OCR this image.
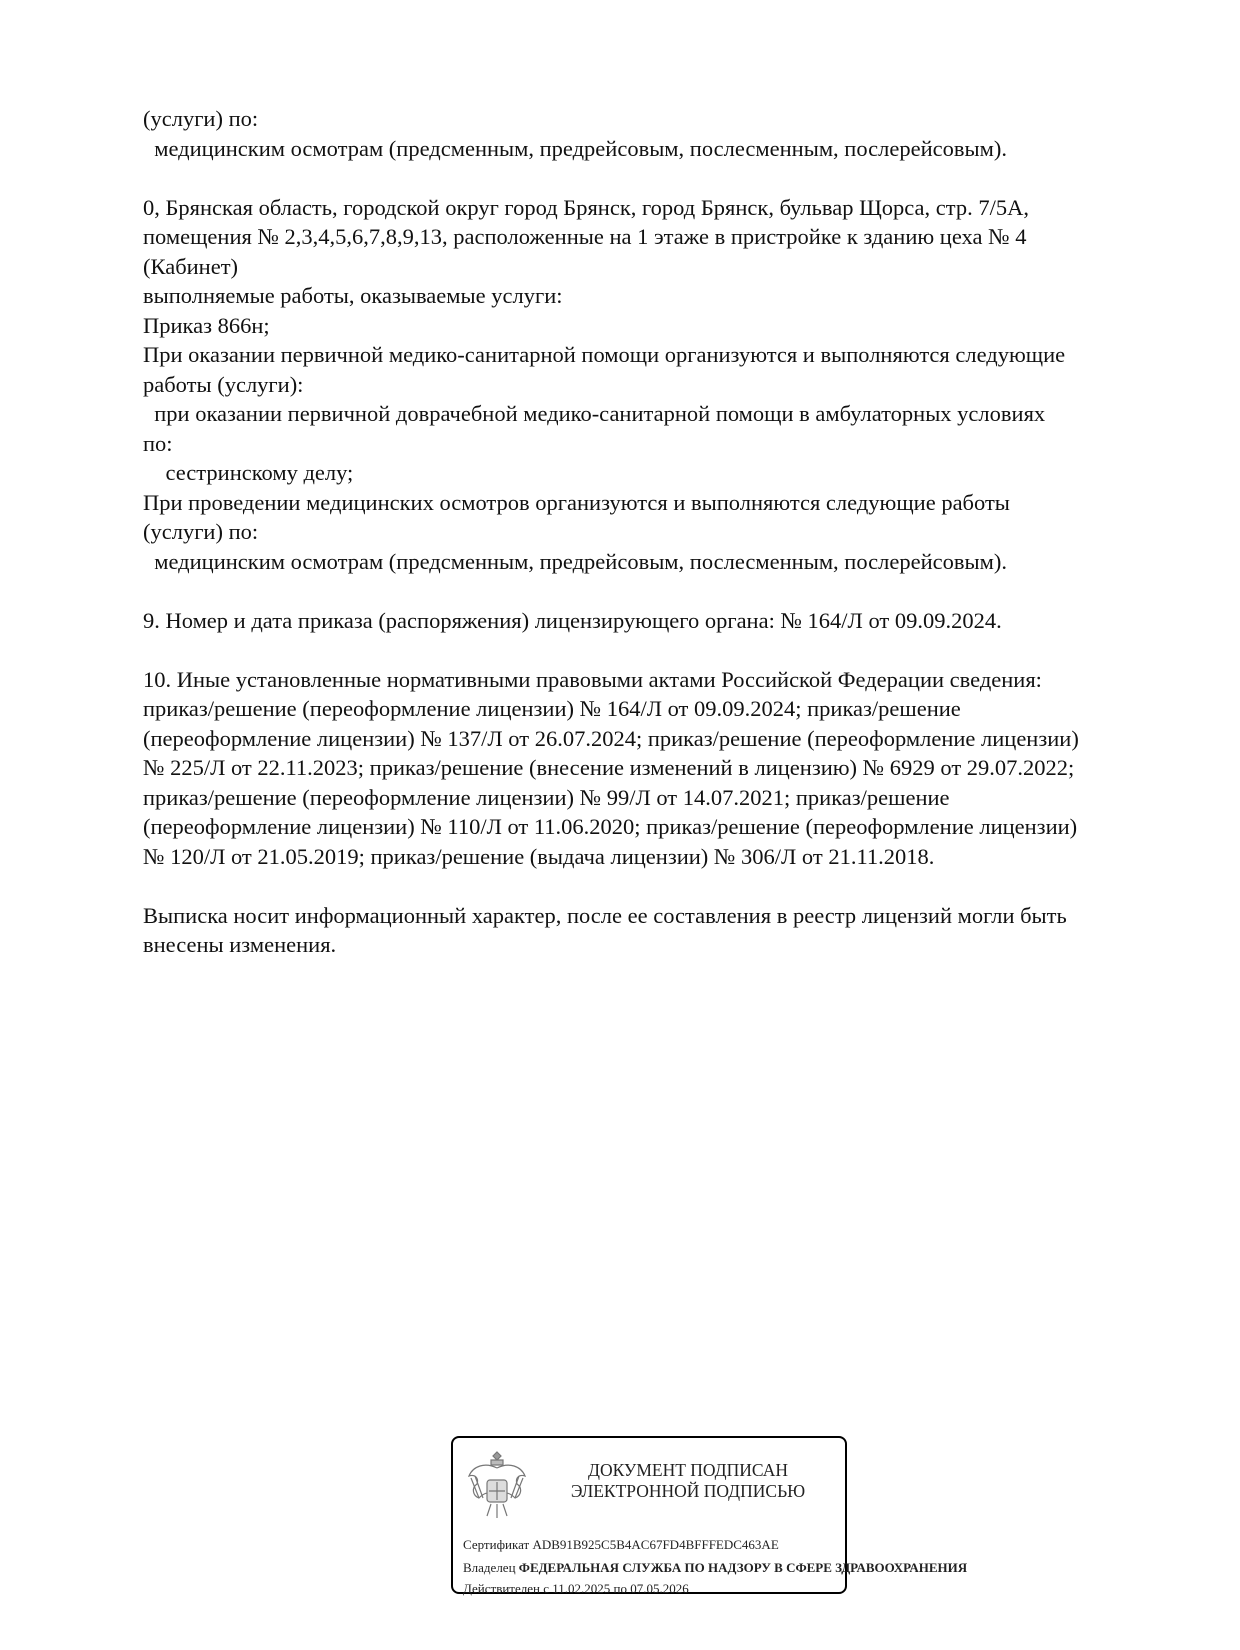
(услуги) по:
медицинским осмотрам (предсменным, предрейсовым, послесменным, послерейсовым).
0, Брянская область, городской округ город Брянск, город Брянск, бульвар Щорса, стр. 7/5А,
помещения № 2,3,4,5,6,7,8,9,13, расположенные на 1 этаже в пристройке к зданию цеха № 4
(Кабинет)
выполняемые работы, оказываемые услуги:
Приказ 866н;
При оказании первичной медико-санитарной помощи организуются и выполняются следующие
работы (услуги):
при оказании первичной доврачебной медико-санитарной помощи в амбулаторных условиях
по:
сестринскому делу;
При проведении медицинских осмотров организуются и выполняются следующие работы
(услуги) по:
медицинским осмотрам (предсменным, предрейсовым, послесменным, послерейсовым).
9. Номер и дата приказа (распоряжения) лицензирующего органа: № 164/Л от 09.09.2024.
10. Иные установленные нормативными правовыми актами Российской Федерации сведения:
приказ/решение (переоформление лицензии) № 164/Л от 09.09.2024; приказ/решение
(переоформление лицензии) № 137/Л от 26.07.2024; приказ/решение (переоформление лицензии)
№ 225/Л от 22.11.2023; приказ/решение (внесение изменений в лицензию) № 6929 от 29.07.2022;
приказ/решение (переоформление лицензии) № 99/Л от 14.07.2021; приказ/решение
(переоформление лицензии) № 110/Л от 11.06.2020; приказ/решение (переоформление лицензии)
№ 120/Л от 21.05.2019; приказ/решение (выдача лицензии) № 306/Л от 21.11.2018.
Выписка носит информационный характер, после ее составления в реестр лицензий могли быть
внесены изменения.
ДОКУМЕНТ ПОДПИСАН
ЭЛЕКТРОННОЙ ПОДПИСЬЮ
Сертификат ADB91B925C5B4AC67FD4BFFFEDC463AE
Владелец ФЕДЕРАЛЬНАЯ СЛУЖБА ПО НАДЗОРУ В СФЕРЕ ЗДРАВООХРАНЕНИЯ
Действителен с 11.02.2025 по 07.05.2026
